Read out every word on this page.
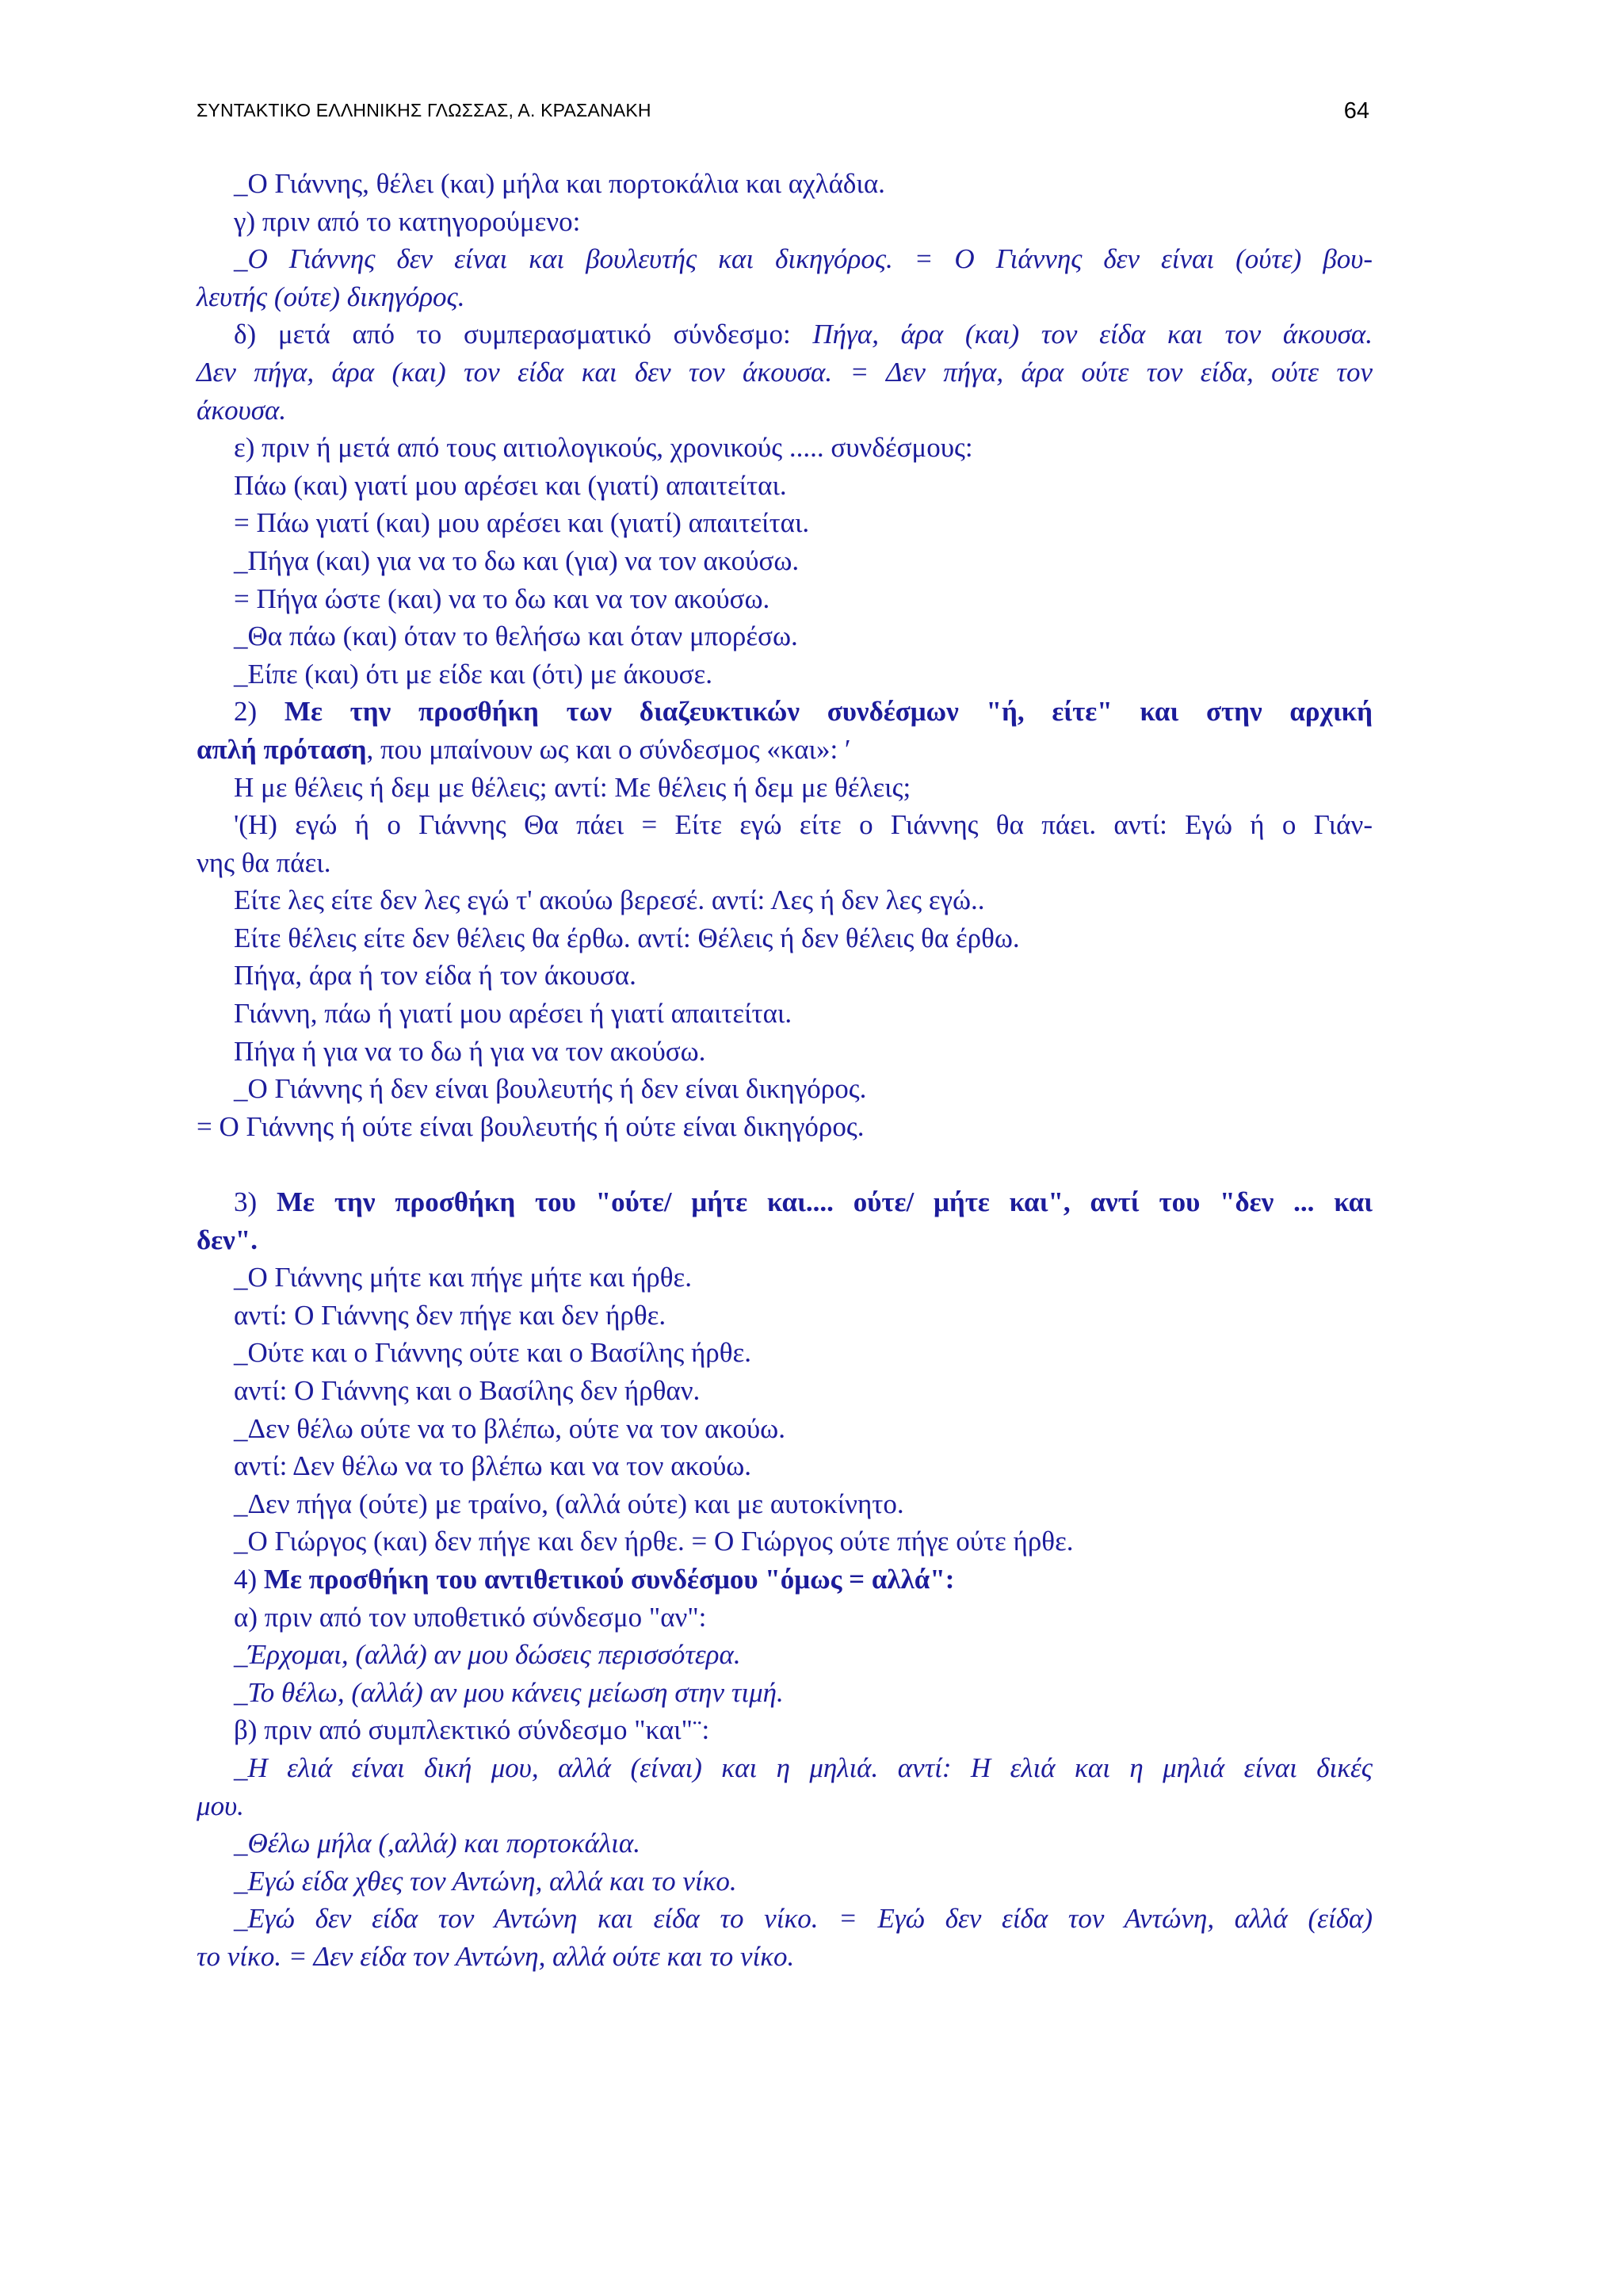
ΣΥΝΤΑΚΤΙΚΟ ΕΛΛΗΝΙΚΗΣ ΓΛΩΣΣΑΣ, Α. ΚΡΑΣΑΝΑΚΗ	64
_Ο Γιάννης, θέλει (και) μήλα και πορτοκάλια και αχλάδια.
γ) πριν από το κατηγορούμενο:
_Ο Γιάννης δεν είναι και βουλευτής και δικηγόρος. = Ο Γιάννης δεν είναι (ούτε) βου-
λευτής (ούτε) δικηγόρος.
δ) μετά από το συμπερασματικό σύνδεσμο: Πήγα, άρα (και) τον είδα και τον άκουσα.
Δεν πήγα, άρα (και) τον είδα και δεν τον άκουσα. = Δεν πήγα, άρα ούτε τον είδα, ούτε τον
άκουσα.
ε) πριν ή μετά από τους αιτιολογικούς, χρονικούς ..... συνδέσμους:
Πάω (και) γιατί μου αρέσει και (γιατί) απαιτείται.
= Πάω γιατί (και) μου αρέσει και (γιατί) απαιτείται.
_Πήγα (και) για να το δω και (για) να τον ακούσω.
= Πήγα ώστε (και) να το δω και να τον ακούσω.
_Θα πάω (και) όταν το θελήσω και όταν μπορέσω.
_Είπε (και) ότι με είδε και (ότι) με άκουσε.
2) Με την προσθήκη των διαζευκτικών συνδέσμων "ή, είτε" και στην αρχική
απλή πρόταση, που μπαίνουν ως και ο σύνδεσμος «και»: ′
Η με θέλεις ή δεμ με θέλεις; αντί: Με θέλεις ή δεμ με θέλεις;
'(Η) εγώ ή ο Γιάννης Θα πάει = Είτε εγώ είτε ο Γιάννης θα πάει. αντί: Εγώ ή ο Γιάν-
νης θα πάει.
Είτε λες είτε δεν λες εγώ τ' ακούω βερεσέ. αντί: Λες ή δεν λες εγώ..
Είτε θέλεις είτε δεν θέλεις θα έρθω. αντί: Θέλεις ή δεν θέλεις θα έρθω.
Πήγα, άρα ή τον είδα ή τον άκουσα.
Γιάννη, πάω ή γιατί μου αρέσει ή γιατί απαιτείται.
Πήγα ή για να το δω ή για να τον ακούσω.
_Ο Γιάννης ή δεν είναι βουλευτής ή δεν είναι δικηγόρος.
= Ο Γιάννης ή ούτε είναι βουλευτής ή ούτε είναι δικηγόρος.
3) Με την προσθήκη του "ούτε/ μήτε και.... ούτε/ μήτε και", αντί του "δεν ... και
δεν".
_Ο Γιάννης μήτε και πήγε μήτε και ήρθε.
αντί: Ο Γιάννης δεν πήγε και δεν ήρθε.
_Ούτε και ο Γιάννης ούτε και ο Βασίλης ήρθε.
αντί: Ο Γιάννης και ο Βασίλης δεν ήρθαν.
_Δεν θέλω ούτε να το βλέπω, ούτε να τον ακούω.
αντί: Δεν θέλω να το βλέπω και να τον ακούω.
_Δεν πήγα (ούτε) με τραίνο, (αλλά ούτε) και με αυτοκίνητο.
_Ο Γιώργος (και) δεν πήγε και δεν ήρθε. = Ο Γιώργος ούτε πήγε ούτε ήρθε.
4) Με προσθήκη του αντιθετικού συνδέσμου "όμως = αλλά":
α) πριν από τον υποθετικό σύνδεσμο "αν":
_Έρχομαι, (αλλά) αν μου δώσεις περισσότερα.
_Το θέλω, (αλλά) αν μου κάνεις μείωση στην τιμή.
β) πριν από συμπλεκτικό σύνδεσμο "και"¨:
_Η ελιά είναι δική μου, αλλά (είναι) και η μηλιά. αντί: Η ελιά και η μηλιά είναι δικές
μου.
_Θέλω μήλα (,αλλά) και πορτοκάλια.
_Εγώ είδα χθες τον Αντώνη, αλλά και το νίκο.
_Εγώ δεν είδα τον Αντώνη και είδα το νίκο. = Εγώ δεν είδα τον Αντώνη, αλλά (είδα)
το νίκο. = Δεν είδα τον Αντώνη, αλλά ούτε και το νίκο.
